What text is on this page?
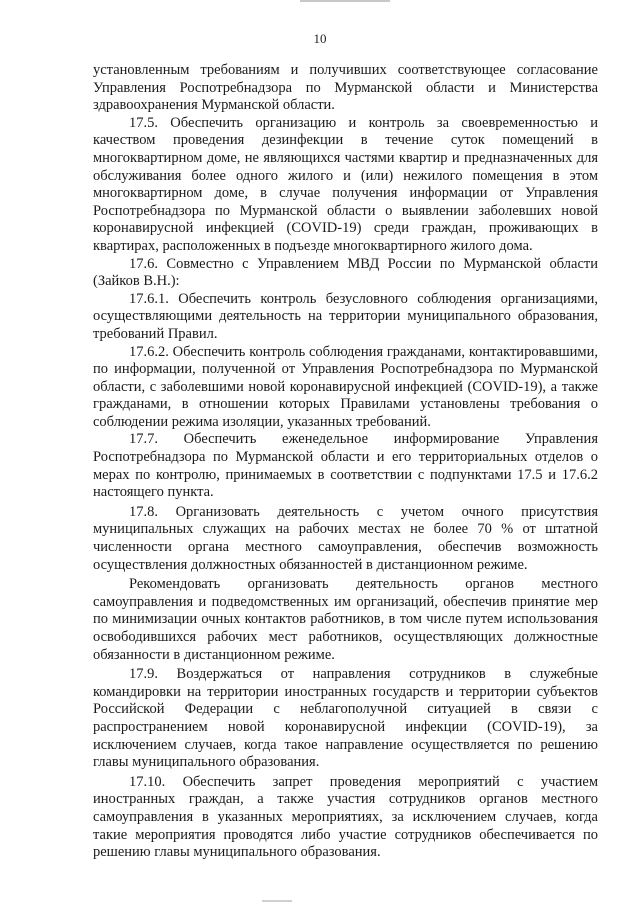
10

установленным требованиям и получивших соответствующее согласование Управления Роспотребнадзора по Мурманской области и Министерства здравоохранения Мурманской области.

17.5. Обеспечить организацию и контроль за своевременностью и качеством проведения дезинфекции в течение суток помещений в многоквартирном доме, не являющихся частями квартир и предназначенных для обслуживания более одного жилого и (или) нежилого помещения в этом многоквартирном доме, в случае получения информации от Управления Роспотребнадзора по Мурманской области о выявлении заболевших новой коронавирусной инфекцией (COVID-19) среди граждан, проживающих в квартирах, расположенных в подъезде многоквартирного жилого дома.

17.6. Совместно с Управлением МВД России по Мурманской области (Зайков В.Н.):

17.6.1. Обеспечить контроль безусловного соблюдения организациями, осуществляющими деятельность на территории муниципального образования, требований Правил.

17.6.2. Обеспечить контроль соблюдения гражданами, контактировавшими, по информации, полученной от Управления Роспотребнадзора по Мурманской области, с заболевшими новой коронавирусной инфекцией (COVID-19), а также гражданами, в отношении которых Правилами установлены требования о соблюдении режима изоляции, указанных требований.

17.7. Обеспечить еженедельное информирование Управления Роспотребнадзора по Мурманской области и его территориальных отделов о мерах по контролю, принимаемых в соответствии с подпунктами 17.5 и 17.6.2 настоящего пункта.

17.8. Организовать деятельность с учетом очного присутствия муниципальных служащих на рабочих местах не более 70 % от штатной численности органа местного самоуправления, обеспечив возможность осуществления должностных обязанностей в дистанционном режиме.

Рекомендовать организовать деятельность органов местного самоуправления и подведомственных им организаций, обеспечив принятие мер по минимизации очных контактов работников, в том числе путем использования освободившихся рабочих мест работников, осуществляющих должностные обязанности в дистанционном режиме.

17.9. Воздержаться от направления сотрудников в служебные командировки на территории иностранных государств и территории субъектов Российской Федерации с неблагополучной ситуацией в связи с распространением новой коронавирусной инфекции (COVID-19), за исключением случаев, когда такое направление осуществляется по решению главы муниципального образования.

17.10. Обеспечить запрет проведения мероприятий с участием иностранных граждан, а также участия сотрудников органов местного самоуправления в указанных мероприятиях, за исключением случаев, когда такие мероприятия проводятся либо участие сотрудников обеспечивается по решению главы муниципального образования.
